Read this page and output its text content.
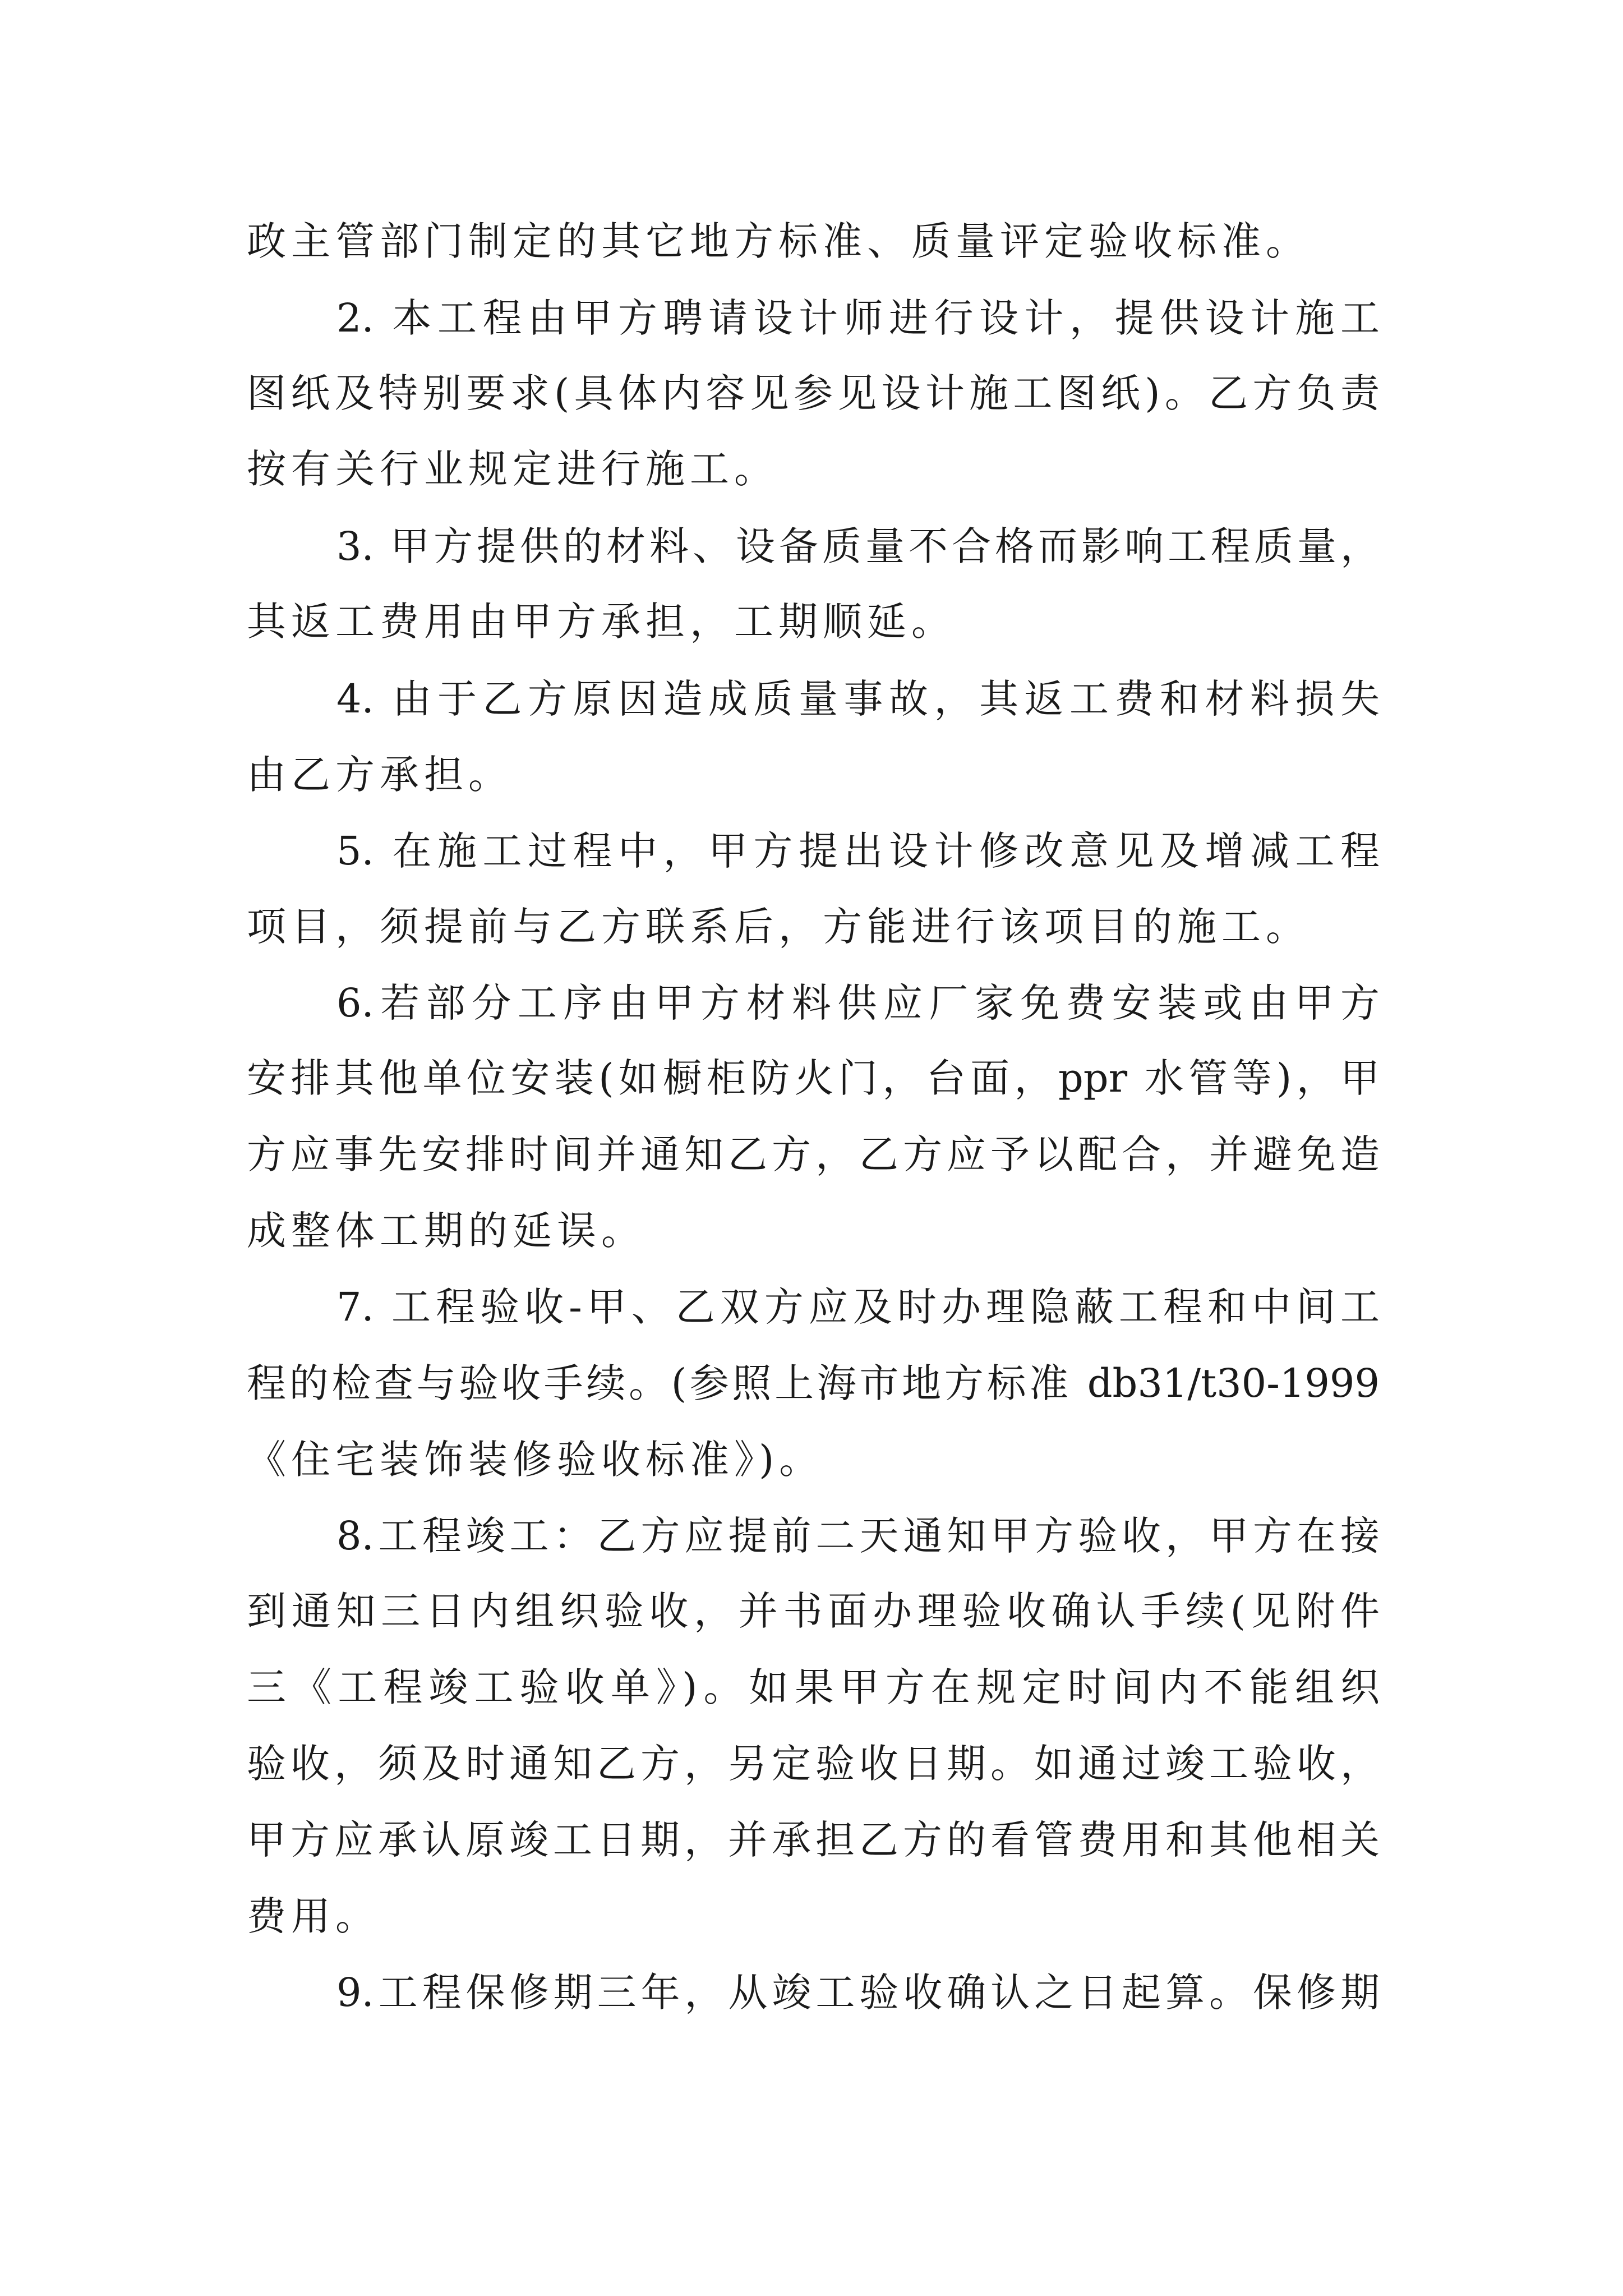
政主管部门制定的其它地方标准、质量评定验收标准。
2. 本工程由甲方聘请设计师进行设计，提供设计施工
图纸及特别要求(具体内容见参见设计施工图纸)。乙方负责
按有关行业规定进行施工。
3. 甲方提供的材料、设备质量不合格而影响工程质量，
其返工费用由甲方承担，工期顺延。
4. 由于乙方原因造成质量事故，其返工费和材料损失
由乙方承担。
5. 在施工过程中，甲方提出设计修改意见及增减工程
项目，须提前与乙方联系后，方能进行该项目的施工。
6.若部分工序由甲方材料供应厂家免费安装或由甲方
安排其他单位安装(如橱柜防火门，台面，ppr 水管等)，甲
方应事先安排时间并通知乙方，乙方应予以配合，并避免造
成整体工期的延误。
7. 工程验收-甲、乙双方应及时办理隐蔽工程和中间工
程的检查与验收手续。(参照上海市地方标准 db31/t30-1999
《住宅装饰装修验收标准》)。
8.工程竣工：乙方应提前二天通知甲方验收，甲方在接
到通知三日内组织验收，并书面办理验收确认手续(见附件
三《工程竣工验收单》)。如果甲方在规定时间内不能组织
验收，须及时通知乙方，另定验收日期。如通过竣工验收，
甲方应承认原竣工日期，并承担乙方的看管费用和其他相关
费用。
9.工程保修期三年，从竣工验收确认之日起算。保修期
